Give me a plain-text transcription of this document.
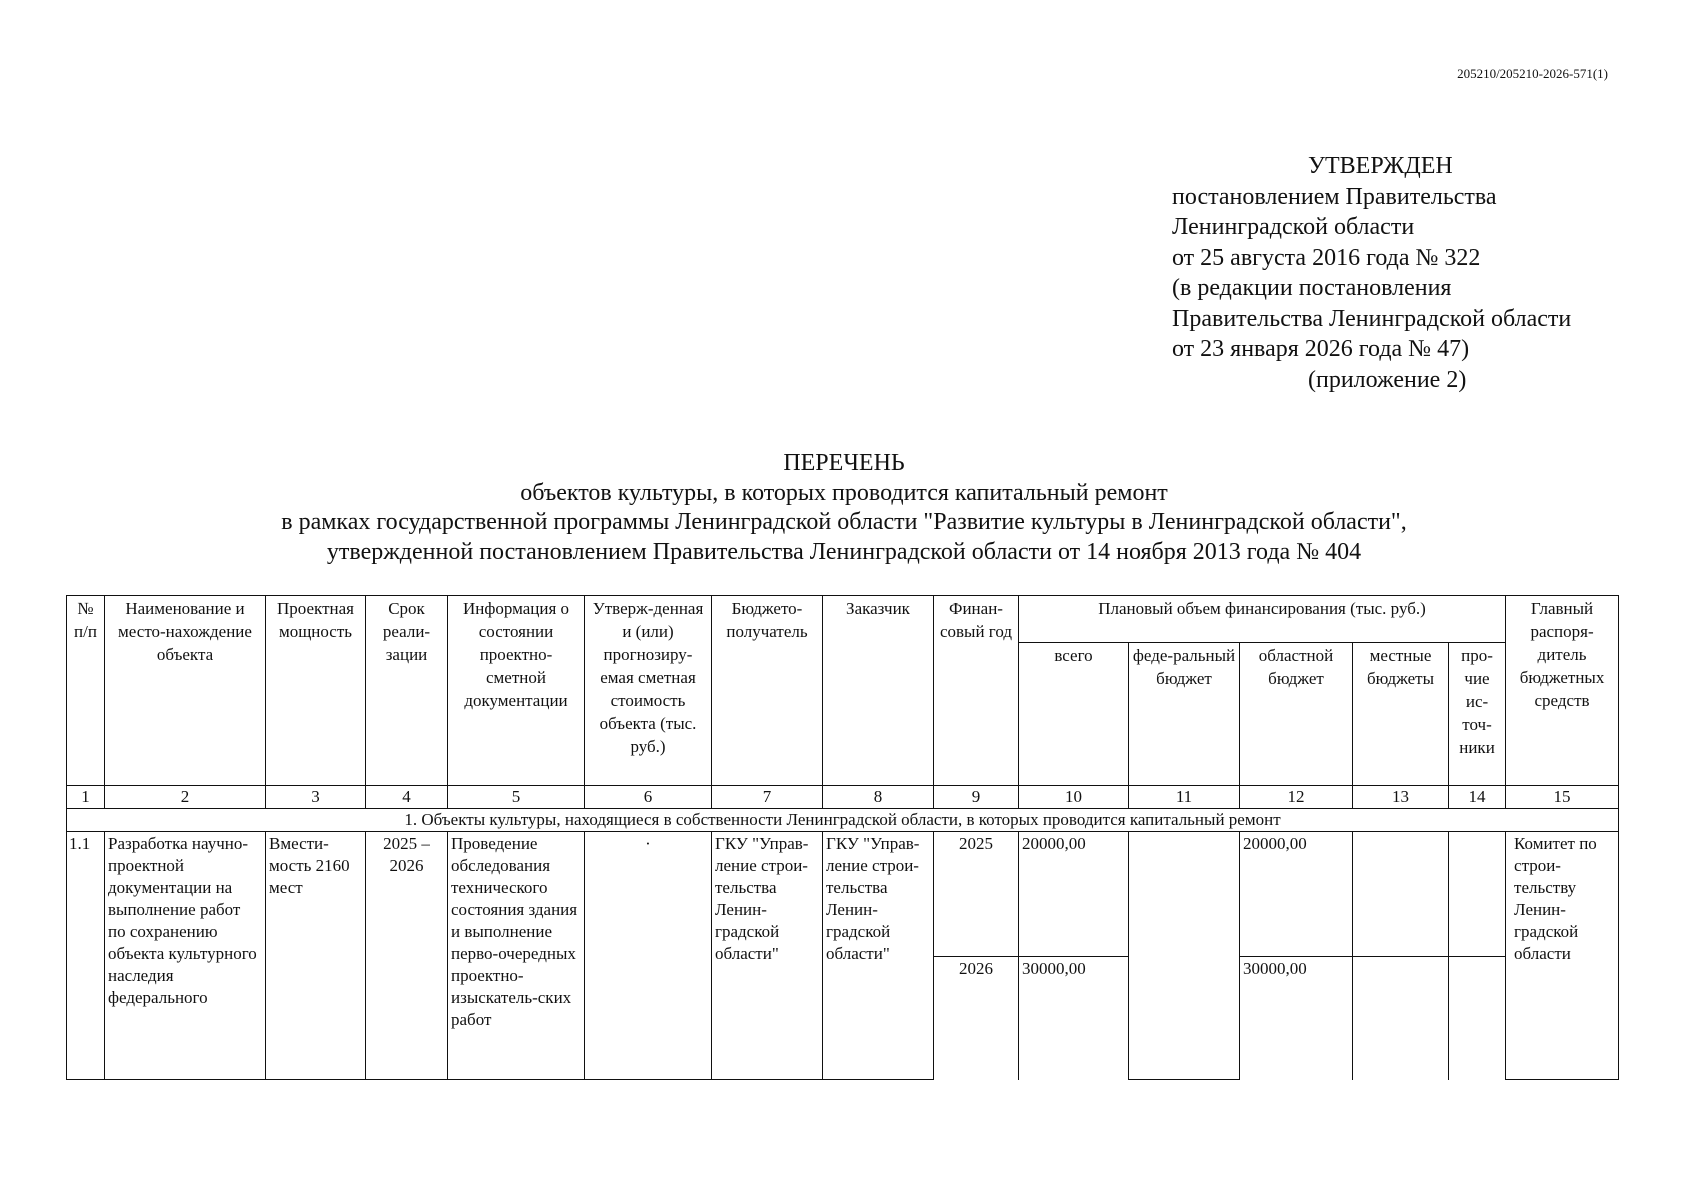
205210/205210-2026-571(1)
УТВЕРЖДЕН
постановлением Правительства
Ленинградской области
от 25 августа 2016 года № 322
(в редакции постановления
Правительства Ленинградской области
от 23 января 2026 года № 47)
(приложение 2)
ПЕРЕЧЕНЬ
объектов культуры, в которых проводится капитальный ремонт
в рамках государственной программы Ленинградской области "Развитие культуры в Ленинградской области",
утвержденной постановлением Правительства Ленинградской области от 14 ноября 2013 года № 404
№ п/п	Наименование и место-нахождение объекта	Проектная мощность	Срок реали-зации	Информация о состоянии проектно-сметной документации	Утверж-денная и (или) прогнозиру-емая сметная стоимость объекта (тыс. руб.)	Бюджето-получатель	Заказчик	Финан-совый год	Плановый объем финансирования (тыс. руб.)					Главный распоря-дитель бюджетных средств
									всего	феде-ральный бюджет	областной бюджет	местные бюджеты	про-чие ис-точ-ники	
1	2	3	4	5	6	7	8	9	10	11	12	13	14	15
1. Объекты культуры, находящиеся в собственности Ленинградской области, в которых проводится капитальный ремонт														
1.1	Разработка научно-проектной документации на выполнение работ по сохранению объекта культурного наследия федерального	Вмести-мость 2160 мест	2025 – 2026	Проведение обследования технического состояния здания и выполнение перво-очередных проектно-изыскатель-ских работ	·	ГКУ "Управ-ление строи-тельства Ленин-градской области"	ГКУ "Управ-ление строи-тельства Ленин-градской области"	2025	20000,00		20000,00			Комитет по строи-тельству Ленин-градской области
								2026	30000,00		30000,00			
